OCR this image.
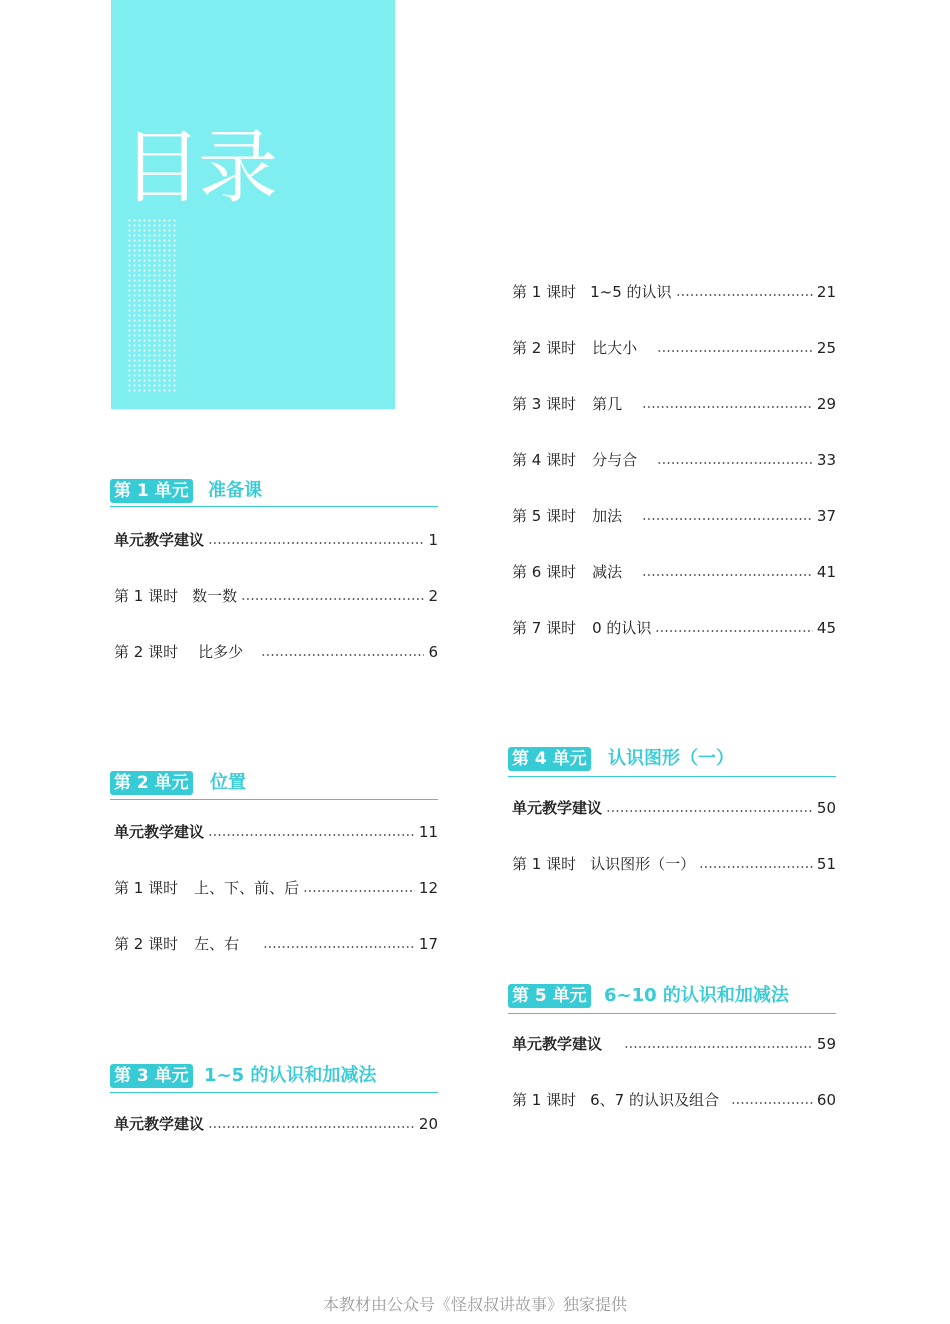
目录
第 1 单元 准备课
单元教学建议	1
第 1 课时 数一数	2
第 2 课时 比多少	6
第 2 单元 位置
单元教学建议	11
第 1 课时 上、下、前、后	12
第 2 课时 左、右	17
第 3 单元 1~5 的认识和加减法
单元教学建议	20
第 1 课时 1~5 的认识	21
第 2 课时 比大小	25
第 3 课时 第几	29
第 4 课时 分与合	33
第 5 课时 加法	37
第 6 课时 减法	41
第 7 课时 0 的认识	45
第 4 单元 认识图形（一）
单元教学建议	50
第 1 课时 认识图形（一）	51
第 5 单元 6~10 的认识和加减法
单元教学建议	59
第 1 课时 6、7 的认识及组合	60
本教材由公众号《怪叔叔讲故事》独家提供
